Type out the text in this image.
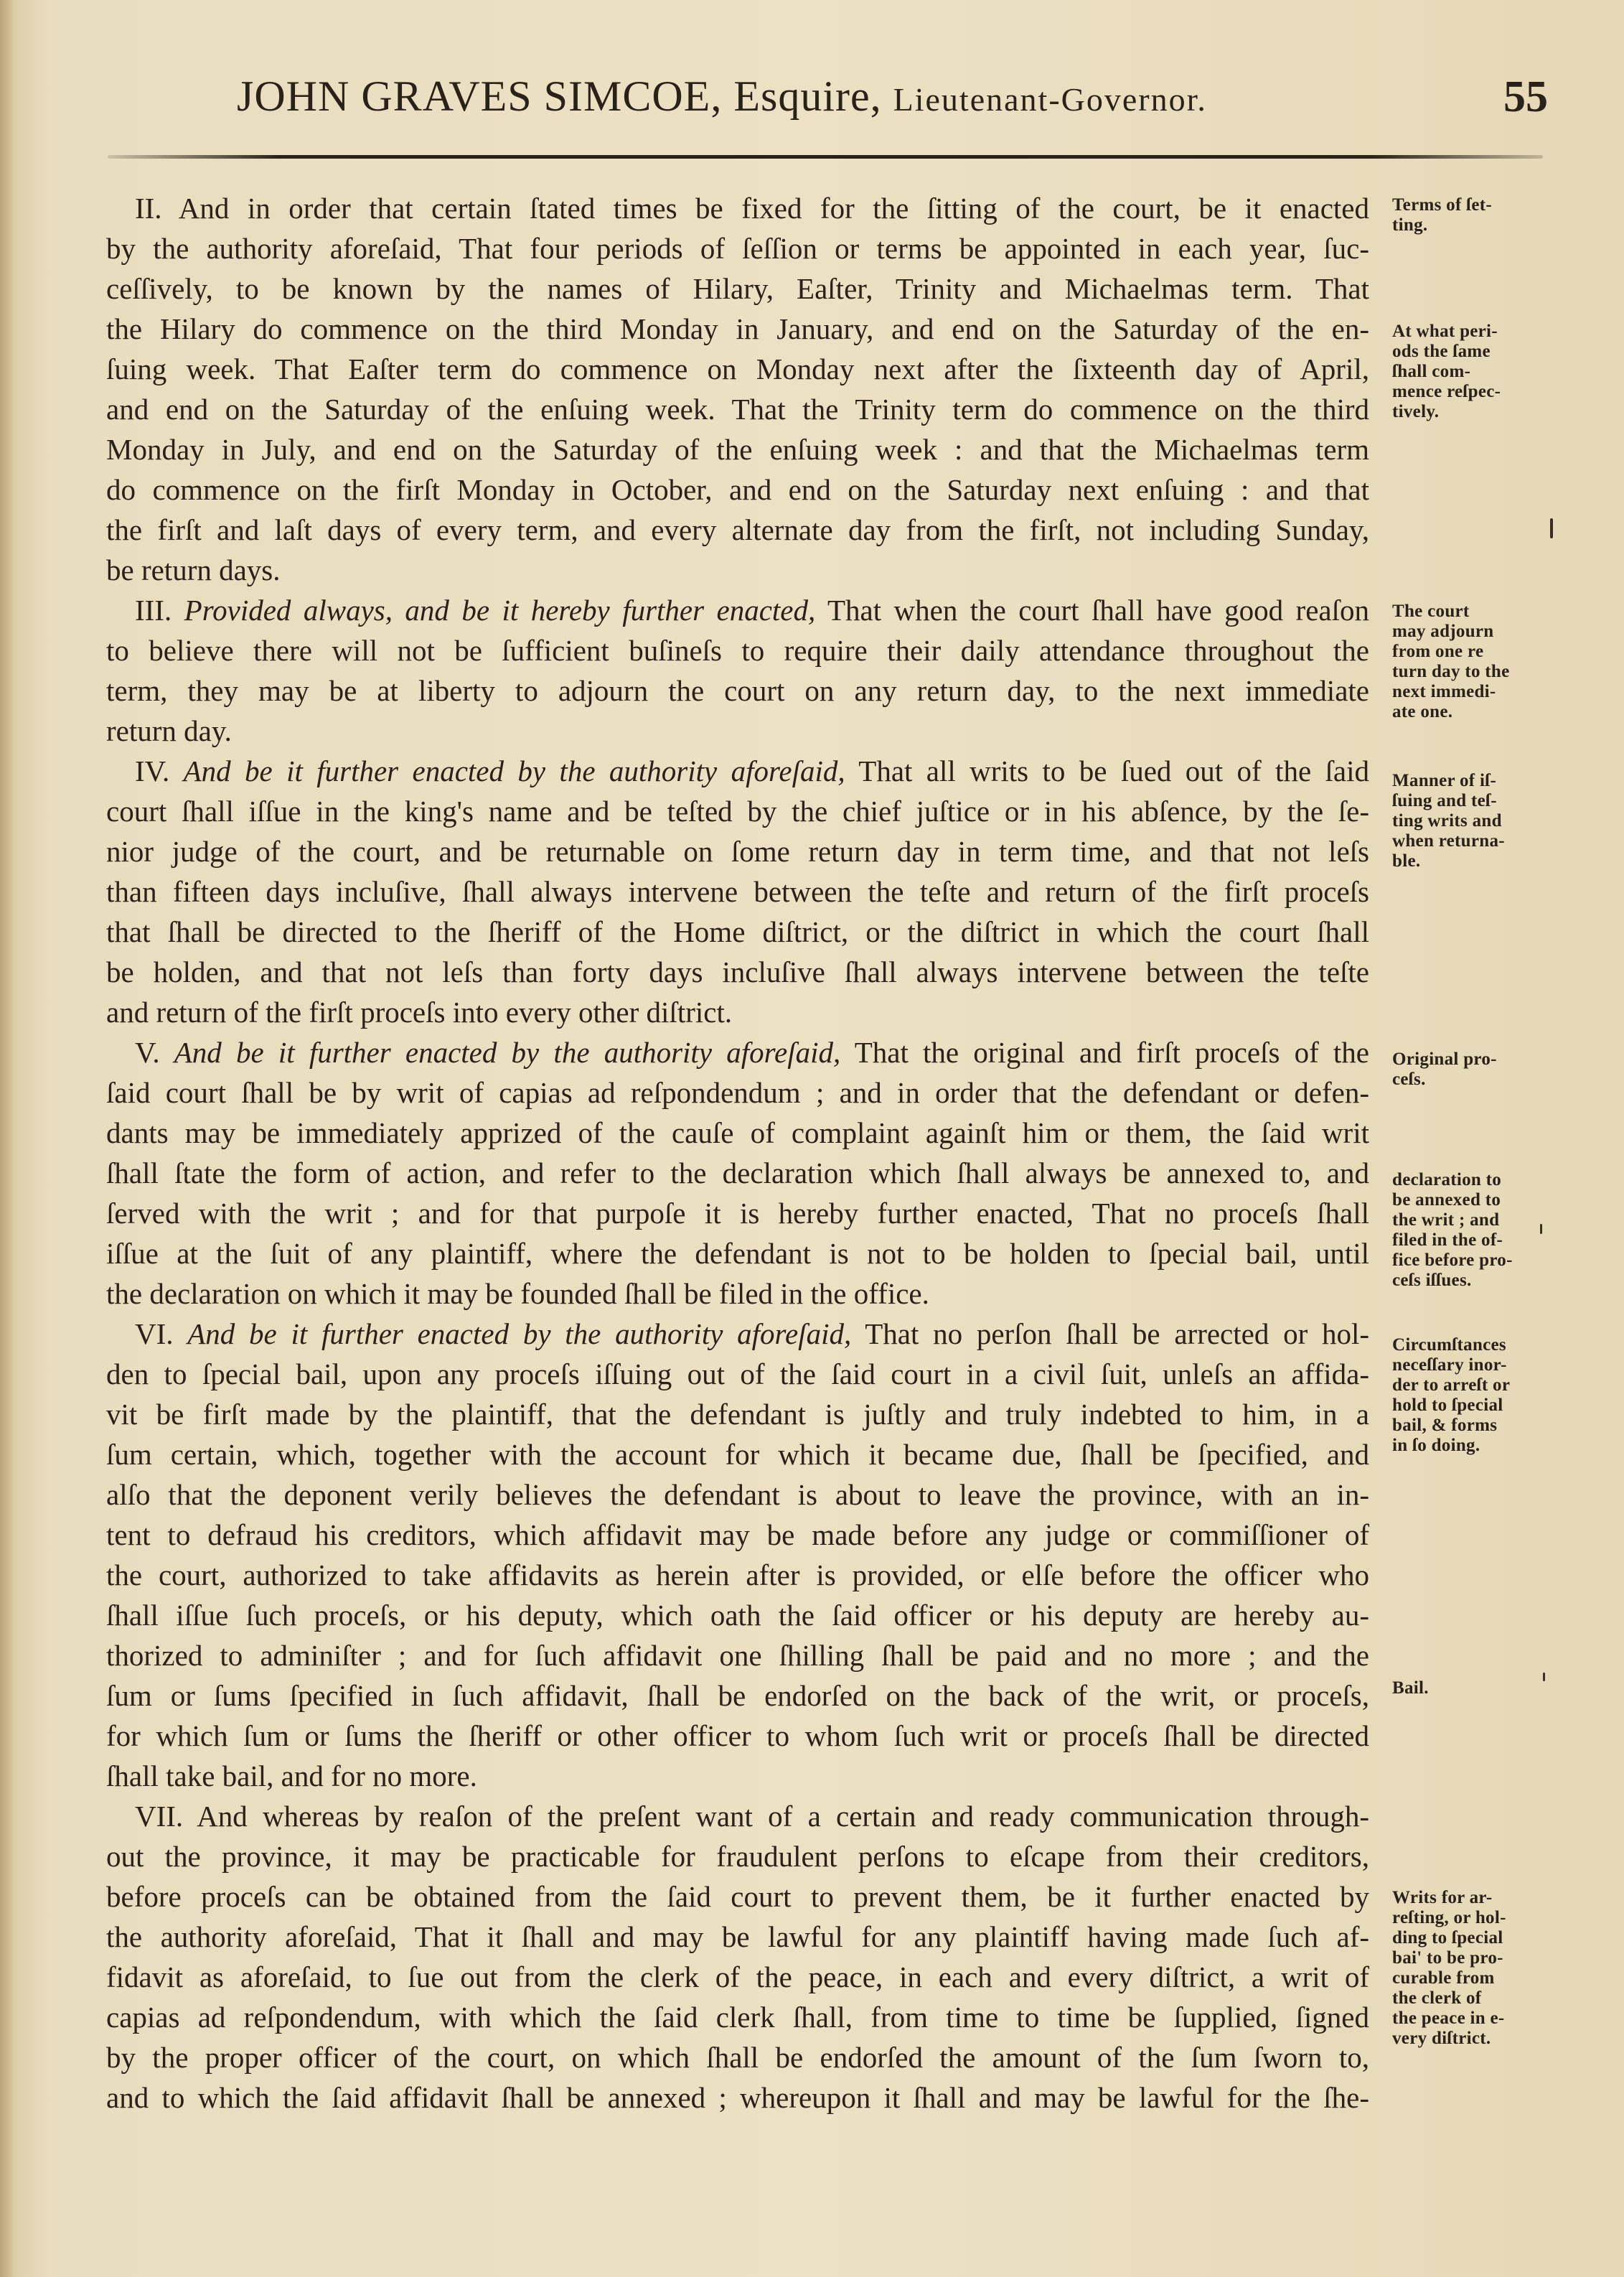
JOHN GRAVES SIMCOE, Esquire, Lieutenant-Governor.	55
II. And in order that certain ſtated times be fixed for the ſitting of the court, be it enacted
by the authority aforeſaid, That four periods of ſeſſion or terms be appointed in each year, ſuc-
ceſſively, to be known by the names of Hilary, Eaſter, Trinity and Michaelmas term. That
the Hilary do commence on the third Monday in January, and end on the Saturday of the en-
ſuing week. That Eaſter term do commence on Monday next after the ſixteenth day of April,
and end on the Saturday of the enſuing week. That the Trinity term do commence on the third
Monday in July, and end on the Saturday of the enſuing week : and that the Michaelmas term
do commence on the firſt Monday in October, and end on the Saturday next enſuing : and that
the firſt and laſt days of every term, and every alternate day from the firſt, not including Sunday,
be return days.
III. Provided always, and be it hereby further enacted, That when the court ſhall have good reaſon
to believe there will not be ſufficient buſineſs to require their daily attendance throughout the
term, they may be at liberty to adjourn the court on any return day, to the next immediate
return day.
IV. And be it further enacted by the authority aforeſaid, That all writs to be ſued out of the ſaid
court ſhall iſſue in the king's name and be teſted by the chief juſtice or in his abſence, by the ſe-
nior judge of the court, and be returnable on ſome return day in term time, and that not leſs
than fifteen days incluſive, ſhall always intervene between the teſte and return of the firſt proceſs
that ſhall be directed to the ſheriff of the Home diſtrict, or the diſtrict in which the court ſhall
be holden, and that not leſs than forty days incluſive ſhall always intervene between the teſte
and return of the firſt proceſs into every other diſtrict.
V. And be it further enacted by the authority aforeſaid, That the original and firſt proceſs of the
ſaid court ſhall be by writ of capias ad reſpondendum ; and in order that the defendant or defen-
dants may be immediately apprized of the cauſe of complaint againſt him or them, the ſaid writ
ſhall ſtate the form of action, and refer to the declaration which ſhall always be annexed to, and
ſerved with the writ ; and for that purpoſe it is hereby further enacted, That no proceſs ſhall
iſſue at the ſuit of any plaintiff, where the defendant is not to be holden to ſpecial bail, until
the declaration on which it may be founded ſhall be filed in the office.
VI. And be it further enacted by the authority aforeſaid, That no perſon ſhall be arrected or hol-
den to ſpecial bail, upon any proceſs iſſuing out of the ſaid court in a civil ſuit, unleſs an affida-
vit be firſt made by the plaintiff, that the defendant is juſtly and truly indebted to him, in a
ſum certain, which, together with the account for which it became due, ſhall be ſpecified, and
alſo that the deponent verily believes the defendant is about to leave the province, with an in-
tent to defraud his creditors, which affidavit may be made before any judge or commiſſioner of
the court, authorized to take affidavits as herein after is provided, or elſe before the officer who
ſhall iſſue ſuch proceſs, or his deputy, which oath the ſaid officer or his deputy are hereby au-
thorized to adminiſter ; and for ſuch affidavit one ſhilling ſhall be paid and no more ; and the
ſum or ſums ſpecified in ſuch affidavit, ſhall be endorſed on the back of the writ, or proceſs,
for which ſum or ſums the ſheriff or other officer to whom ſuch writ or proceſs ſhall be directed
ſhall take bail, and for no more.
VII. And whereas by reaſon of the preſent want of a certain and ready communication through-
out the province, it may be practicable for fraudulent perſons to eſcape from their creditors,
before proceſs can be obtained from the ſaid court to prevent them, be it further enacted by
the authority aforeſaid, That it ſhall and may be lawful for any plaintiff having made ſuch af-
fidavit as aforeſaid, to ſue out from the clerk of the peace, in each and every diſtrict, a writ of
capias ad reſpondendum, with which the ſaid clerk ſhall, from time to time be ſupplied, ſigned
by the proper officer of the court, on which ſhall be endorſed the amount of the ſum ſworn to,
and to which the ſaid affidavit ſhall be annexed ; whereupon it ſhall and may be lawful for the ſhe-
Terms of ſet-
ting.
At what peri-
ods the ſame
ſhall com-
mence reſpec-
tively.
The court
may adjourn
from one re
turn day to the
next immedi-
ate one.
Manner of iſ-
ſuing and teſ-
ting writs and
when returna-
ble.
Original pro-
ceſs.
declaration to
be annexed to
the writ ; and
filed in the of-
fice before pro-
ceſs iſſues.
Circumſtances
neceſſary inor-
der to arreſt or
hold to ſpecial
bail, & forms
in ſo doing.
Bail.
Writs for ar-
reſting, or hol-
ding to ſpecial
bai' to be pro-
curable from
the clerk of
the peace in e-
very diſtrict.
